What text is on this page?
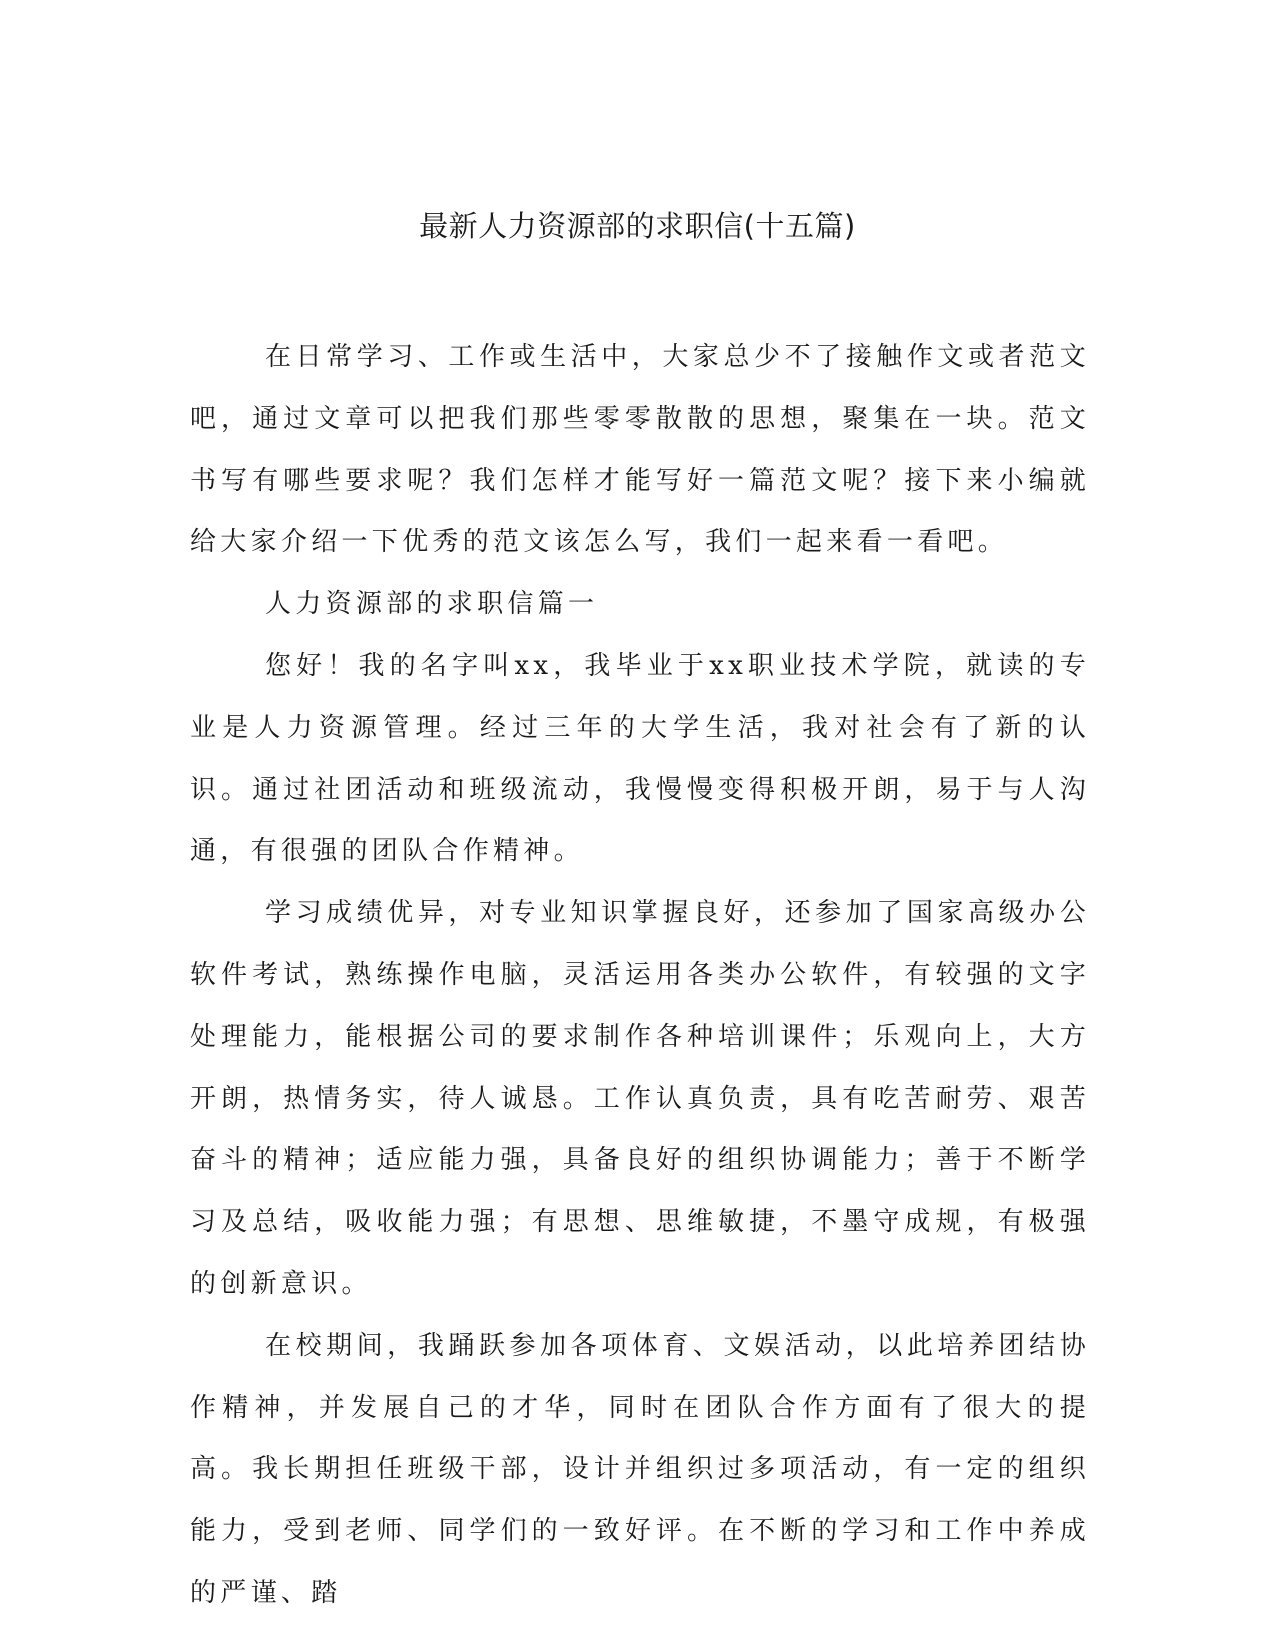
最新人力资源部的求职信(十五篇)

在日常学习、工作或生活中，大家总少不了接触作文或者范文吧，通过文章可以把我们那些零零散散的思想，聚集在一块。范文书写有哪些要求呢？我们怎样才能写好一篇范文呢？接下来小编就给大家介绍一下优秀的范文该怎么写，我们一起来看一看吧。

人力资源部的求职信篇一

您好！我的名字叫xx，我毕业于xx职业技术学院，就读的专业是人力资源管理。经过三年的大学生活，我对社会有了新的认识。通过社团活动和班级流动，我慢慢变得积极开朗，易于与人沟通，有很强的团队合作精神。

学习成绩优异，对专业知识掌握良好，还参加了国家高级办公软件考试，熟练操作电脑，灵活运用各类办公软件，有较强的文字处理能力，能根据公司的要求制作各种培训课件；乐观向上，大方开朗，热情务实，待人诚恳。工作认真负责，具有吃苦耐劳、艰苦奋斗的精神；适应能力强，具备良好的组织协调能力；善于不断学习及总结，吸收能力强；有思想、思维敏捷，不墨守成规，有极强的创新意识。

在校期间，我踊跃参加各项体育、文娱活动，以此培养团结协作精神，并发展自己的才华，同时在团队合作方面有了很大的提高。我长期担任班级干部，设计并组织过多项活动，有一定的组织能力，受到老师、同学们的一致好评。在不断的学习和工作中养成的严谨、踏
